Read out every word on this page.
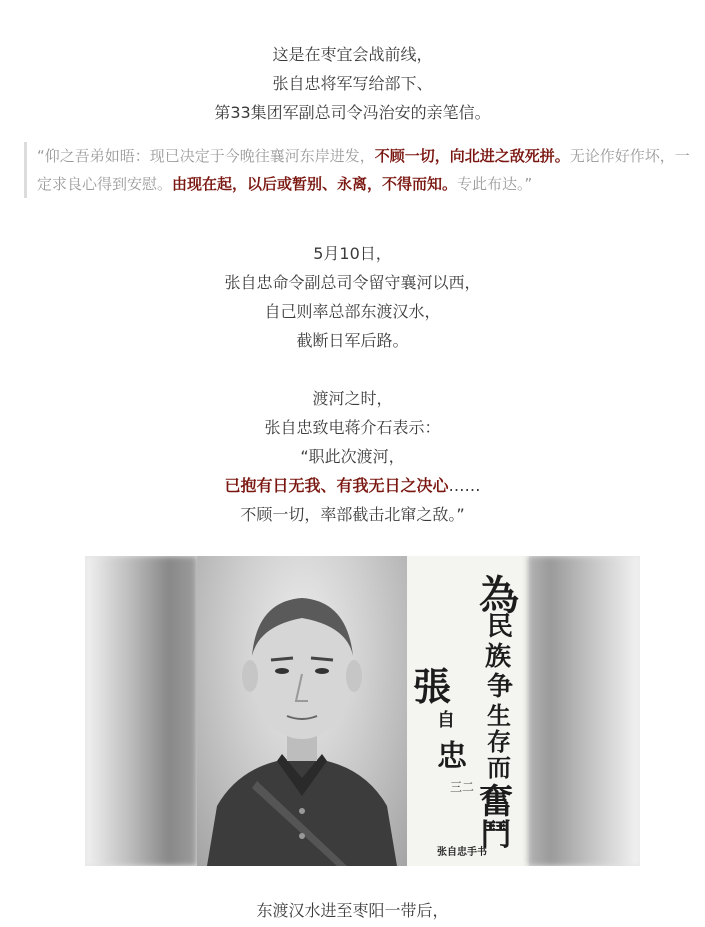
这是在枣宜会战前线，
张自忠将军写给部下、
第33集团军副总司令冯治安的亲笔信。
“仰之吾弟如晤：现已决定于今晚往襄河东岸进发，不顾一切，向北进之敌死拼。无论作好作坏，一定求良心得到安慰。由现在起，以后或暂别、永离，不得而知。专此布达。”
5月10日，
张自忠命令副总司令留守襄河以西，
自己则率总部东渡汉水，
截断日军后路。
渡河之时，
张自忠致电蒋介石表示：
“职此次渡河，
已抱有日无我、有我无日之决心……
不顾一切，率部截击北窜之敌。”
為
民
族
争
生
存
而
奮
鬥
張
自
忠
三二
张自忠手书
东渡汉水进至枣阳一带后，
